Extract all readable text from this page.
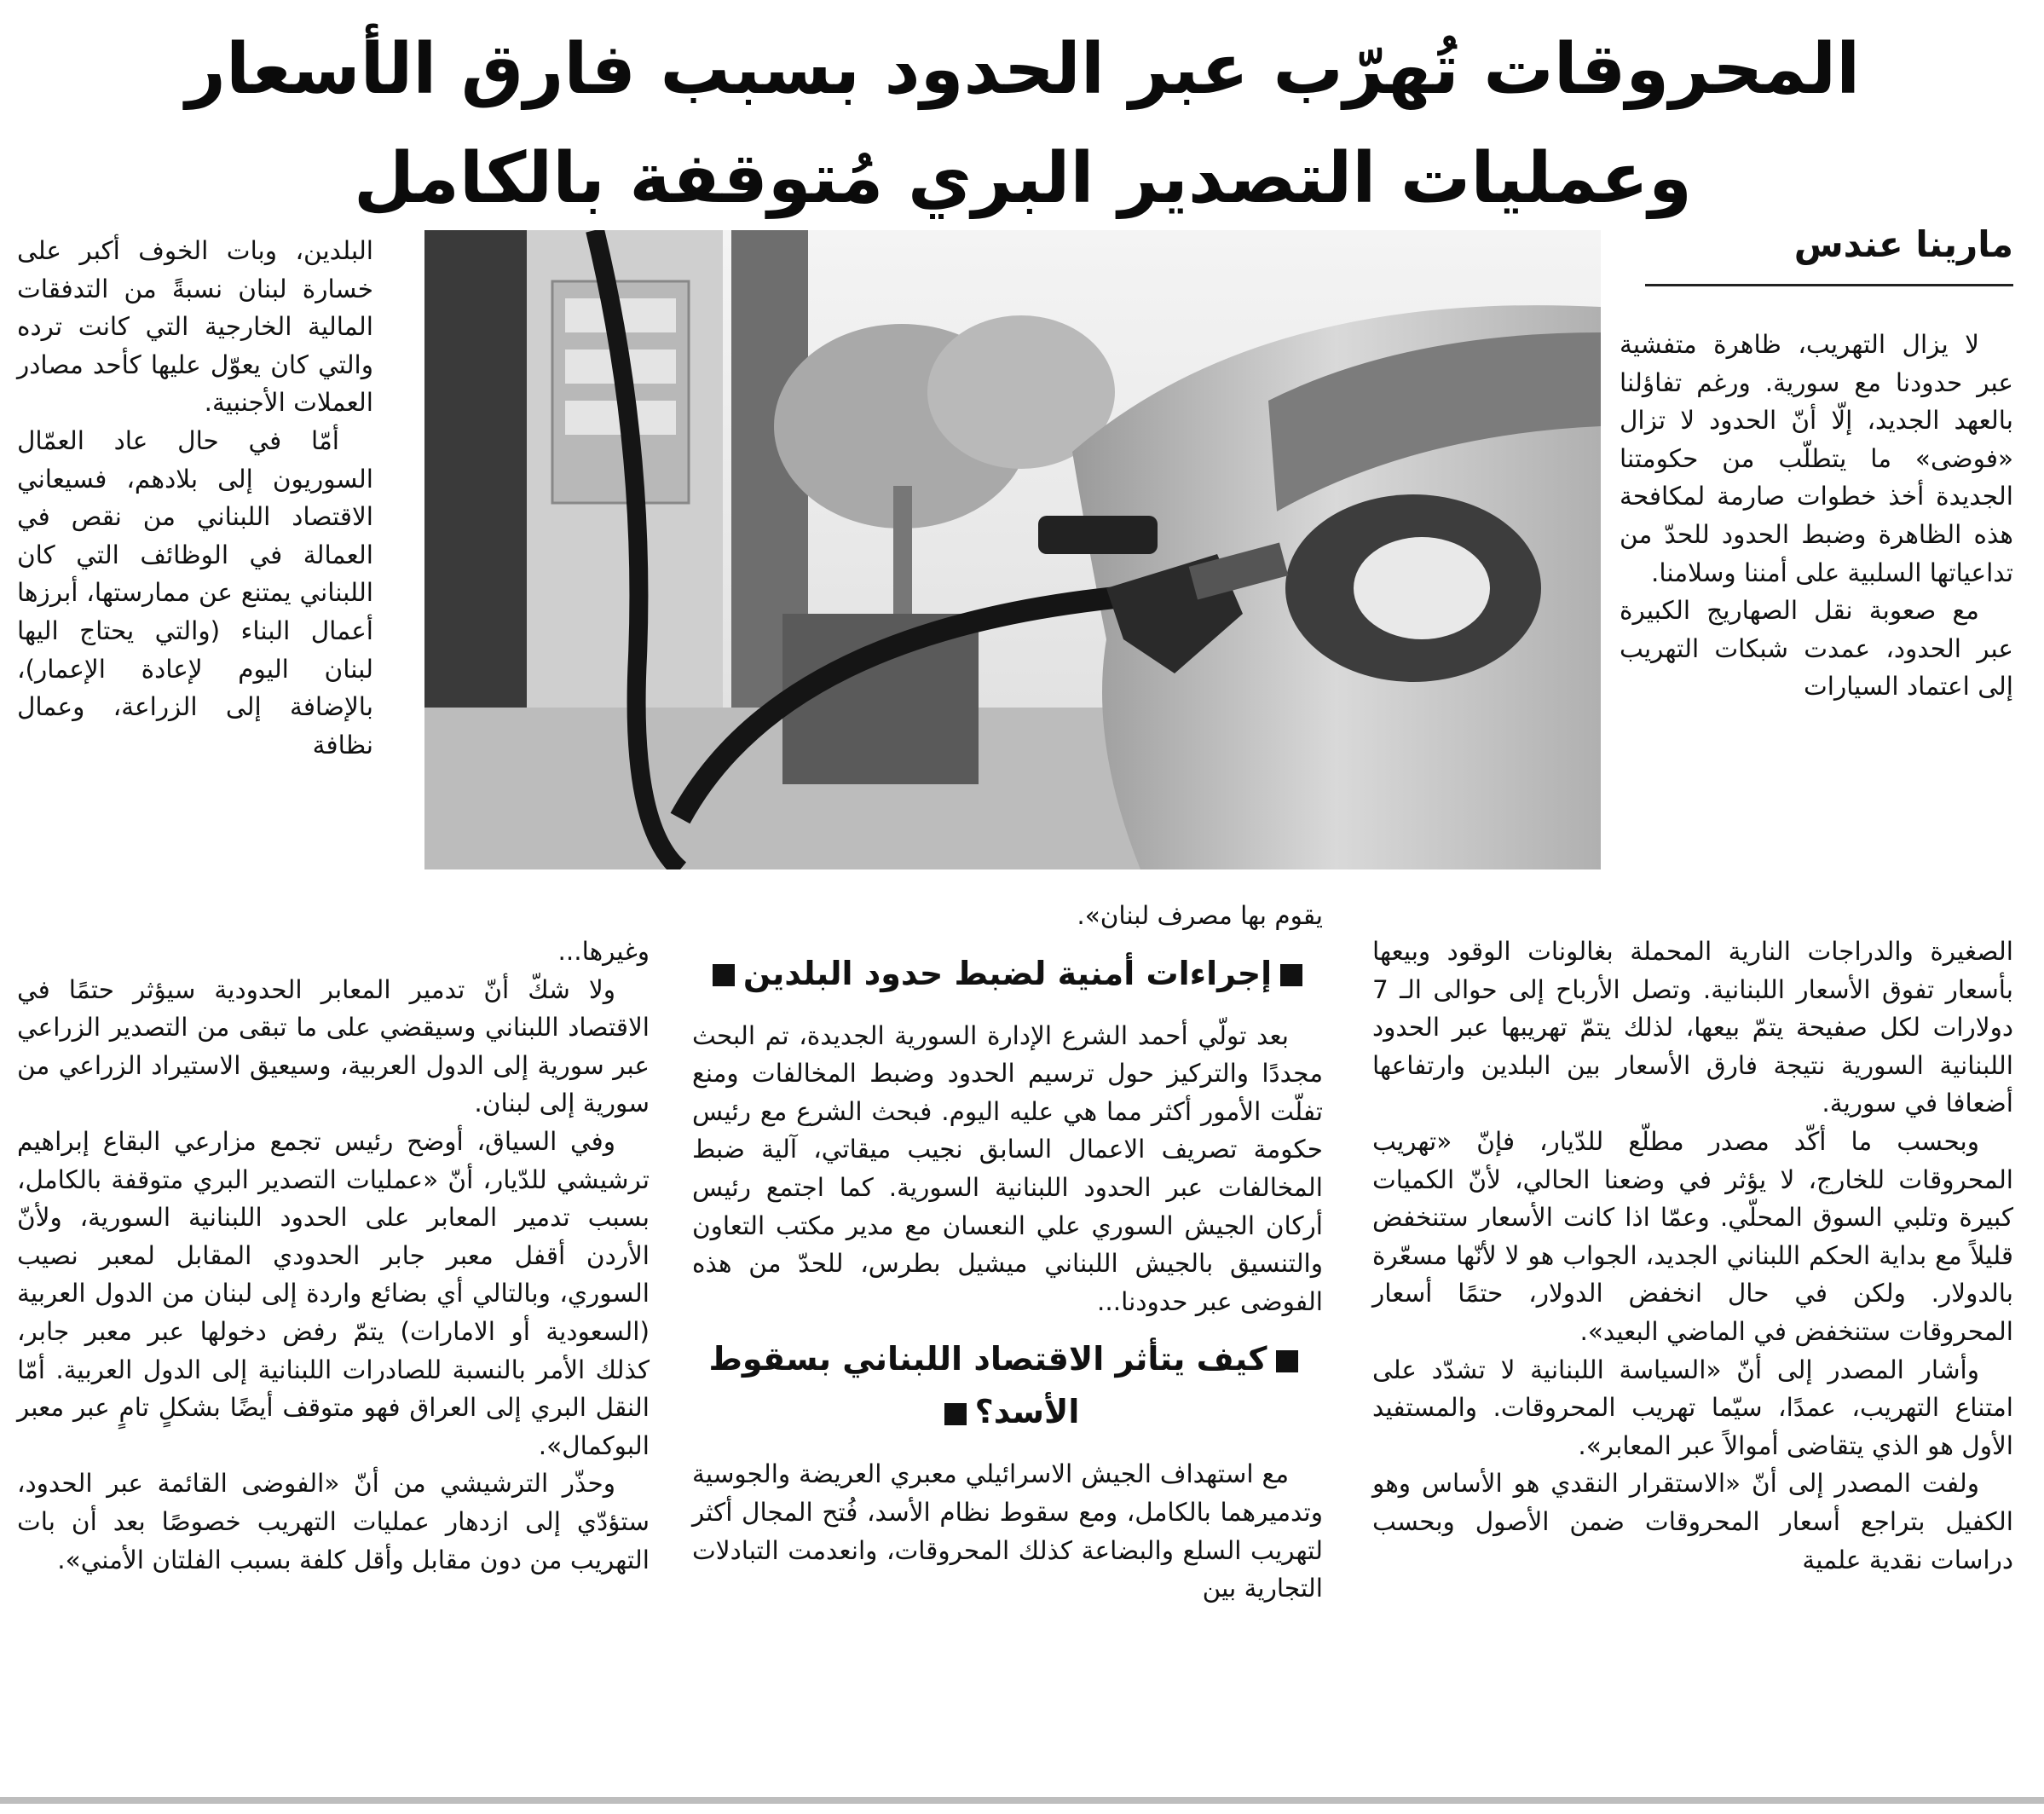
المحروقات تُهرّب عبر الحدود بسبب فارق الأسعار
وعمليات التصدير البري مُتوقفة بالكامل
مارينا عندس

لا يزال التهريب، ظاهرة متفشية عبر حدودنا مع سورية. ورغم تفاؤلنا بالعهد الجديد، إلّا أنّ الحدود لا تزال «فوضى» ما يتطلّب من حكومتنا الجديدة أخذ خطوات صارمة لمكافحة هذه الظاهرة وضبط الحدود للحدّ من تداعياتها السلبية على أمننا وسلامنا.

مع صعوبة نقل الصهاريج الكبيرة عبر الحدود، عمدت شبكات التهريب إلى اعتماد السيارات

الصغيرة والدراجات النارية المحملة بغالونات الوقود وبيعها بأسعار تفوق الأسعار اللبنانية. وتصل الأرباح إلى حوالى الـ 7 دولارات لكل صفيحة يتمّ بيعها، لذلك يتمّ تهريبها عبر الحدود اللبنانية السورية نتيجة فارق الأسعار بين البلدين وارتفاعها أضعافا في سورية.

وبحسب ما أكّد مصدر مطلّع للدّيار، فإنّ «تهريب المحروقات للخارج، لا يؤثر في وضعنا الحالي، لأنّ الكميات كبيرة وتلبي السوق المحلّي. وعمّا اذا كانت الأسعار ستنخفض قليلاً مع بداية الحكم اللبناني الجديد، الجواب هو لا لأنّها مسعّرة بالدولار. ولكن في حال انخفض الدولار، حتمًا أسعار المحروقات ستنخفض في الماضي البعيد».

وأشار المصدر إلى أنّ «السياسة اللبنانية لا تشدّد على امتناع التهريب، عمدًا، سيّما تهريب المحروقات. والمستفيد الأول هو الذي يتقاضى أموالاً عبر المعابر».

ولفت المصدر إلى أنّ «الاستقرار النقدي هو الأساس وهو الكفيل بتراجع أسعار المحروقات ضمن الأصول وبحسب دراسات نقدية علمية

يقوم بها مصرف لبنان».

إجراءات أمنية لضبط حدود البلدين

بعد تولّي أحمد الشرع الإدارة السورية الجديدة، تم البحث مجددًا والتركيز حول ترسيم الحدود وضبط المخالفات ومنع تفلّت الأمور أكثر مما هي عليه اليوم. فبحث الشرع مع رئيس حكومة تصريف الاعمال السابق نجيب ميقاتي، آلية ضبط المخالفات عبر الحدود اللبنانية السورية. كما اجتمع رئيس أركان الجيش السوري علي النعسان مع مدير مكتب التعاون والتنسيق بالجيش اللبناني ميشيل بطرس، للحدّ من هذه الفوضى عبر حدودنا...

كيف يتأثر الاقتصاد اللبناني بسقوط الأسد؟

مع استهداف الجيش الاسرائيلي معبري العريضة والجوسية وتدميرهما بالكامل، ومع سقوط نظام الأسد، فُتح المجال أكثر لتهريب السلع والبضاعة كذلك المحروقات، وانعدمت التبادلات التجارية بين

البلدين، وبات الخوف أكبر على خسارة لبنان نسبةً من التدفقات المالية الخارجية التي كانت ترده والتي كان يعوّل عليها كأحد مصادر العملات الأجنبية.

أمّا في حال عاد العمّال السوريون إلى بلادهم، فسيعاني الاقتصاد اللبناني من نقص في العمالة في الوظائف التي كان اللبناني يمتنع عن ممارستها، أبرزها أعمال البناء (والتي يحتاج اليها لبنان اليوم لإعادة الإعمار)، بالإضافة إلى الزراعة، وعمال نظافة

وغيرها...

ولا شكّ أنّ تدمير المعابر الحدودية سيؤثر حتمًا في الاقتصاد اللبناني وسيقضي على ما تبقى من التصدير الزراعي عبر سورية إلى الدول العربية، وسيعيق الاستيراد الزراعي من سورية إلى لبنان.

وفي السياق، أوضح رئيس تجمع مزارعي البقاع إبراهيم ترشيشي للدّيار، أنّ «عمليات التصدير البري متوقفة بالكامل، بسبب تدمير المعابر على الحدود اللبنانية السورية، ولأنّ الأردن أقفل معبر جابر الحدودي المقابل لمعبر نصيب السوري، وبالتالي أي بضائع واردة إلى لبنان من الدول العربية (السعودية أو الامارات) يتمّ رفض دخولها عبر معبر جابر، كذلك الأمر بالنسبة للصادرات اللبنانية إلى الدول العربية. أمّا النقل البري إلى العراق فهو متوقف أيضًا بشكلٍ تامٍ عبر معبر البوكمال».

وحذّر الترشيشي من أنّ «الفوضى القائمة عبر الحدود، ستؤدّي إلى ازدهار عمليات التهريب خصوصًا بعد أن بات التهريب من دون مقابل وأقل كلفة بسبب الفلتان الأمني».
